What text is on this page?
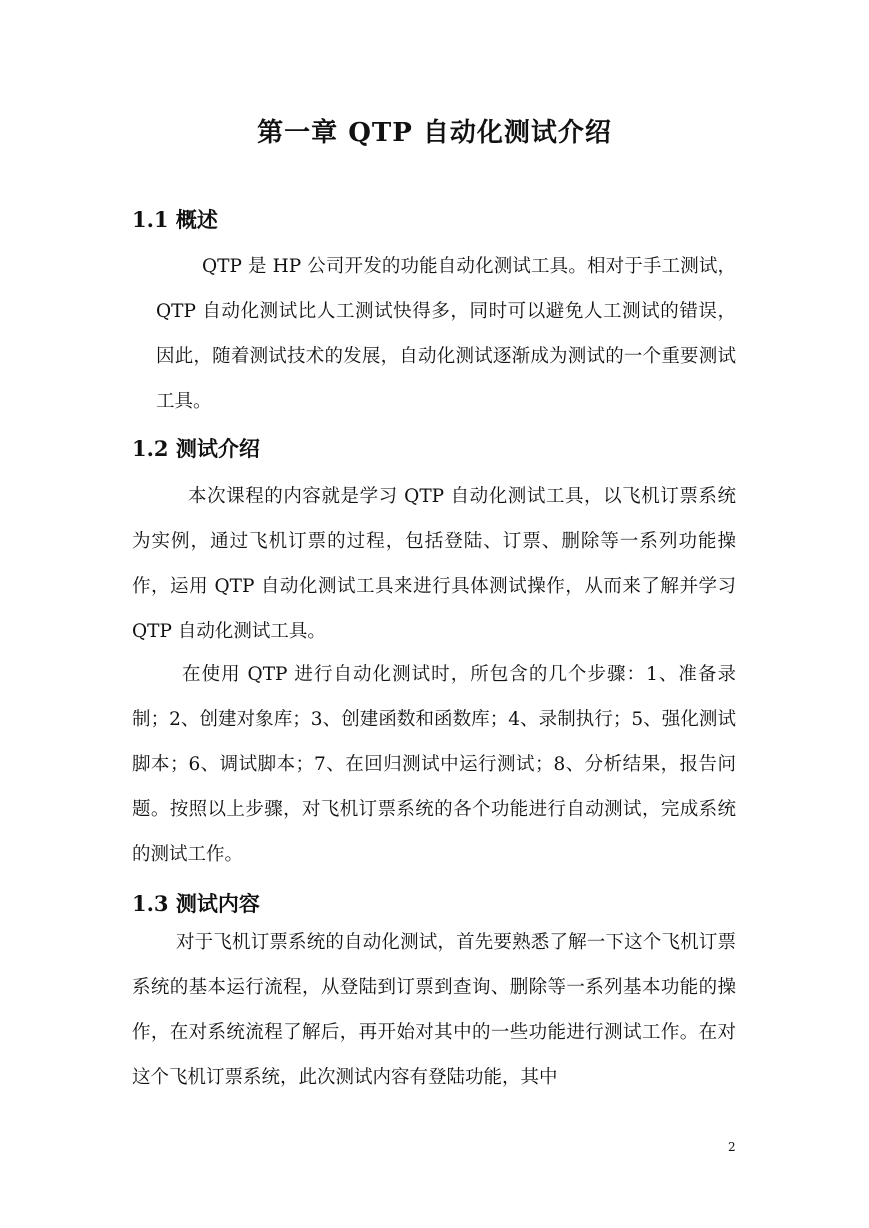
第一章 QTP 自动化测试介绍
1.1 概述

QTP 是 HP 公司开发的功能自动化测试工具。相对于手工测试，QTP 自动化测试比人工测试快得多，同时可以避免人工测试的错误，因此，随着测试技术的发展，自动化测试逐渐成为测试的一个重要测试工具。

1.2 测试介绍

本次课程的内容就是学习 QTP 自动化测试工具，以飞机订票系统为实例，通过飞机订票的过程，包括登陆、订票、删除等一系列功能操作，运用 QTP 自动化测试工具来进行具体测试操作，从而来了解并学习 QTP 自动化测试工具。

在使用 QTP 进行自动化测试时，所包含的几个步骤：1、准备录制；2、创建对象库；3、创建函数和函数库；4、录制执行；5、强化测试脚本；6、调试脚本；7、在回归测试中运行测试；8、分析结果，报告问题。按照以上步骤，对飞机订票系统的各个功能进行自动测试，完成系统的测试工作。

1.3 测试内容

对于飞机订票系统的自动化测试，首先要熟悉了解一下这个飞机订票系统的基本运行流程，从登陆到订票到查询、删除等一系列基本功能的操作，在对系统流程了解后，再开始对其中的一些功能进行测试工作。在对这个飞机订票系统，此次测试内容有登陆功能，其中

2
